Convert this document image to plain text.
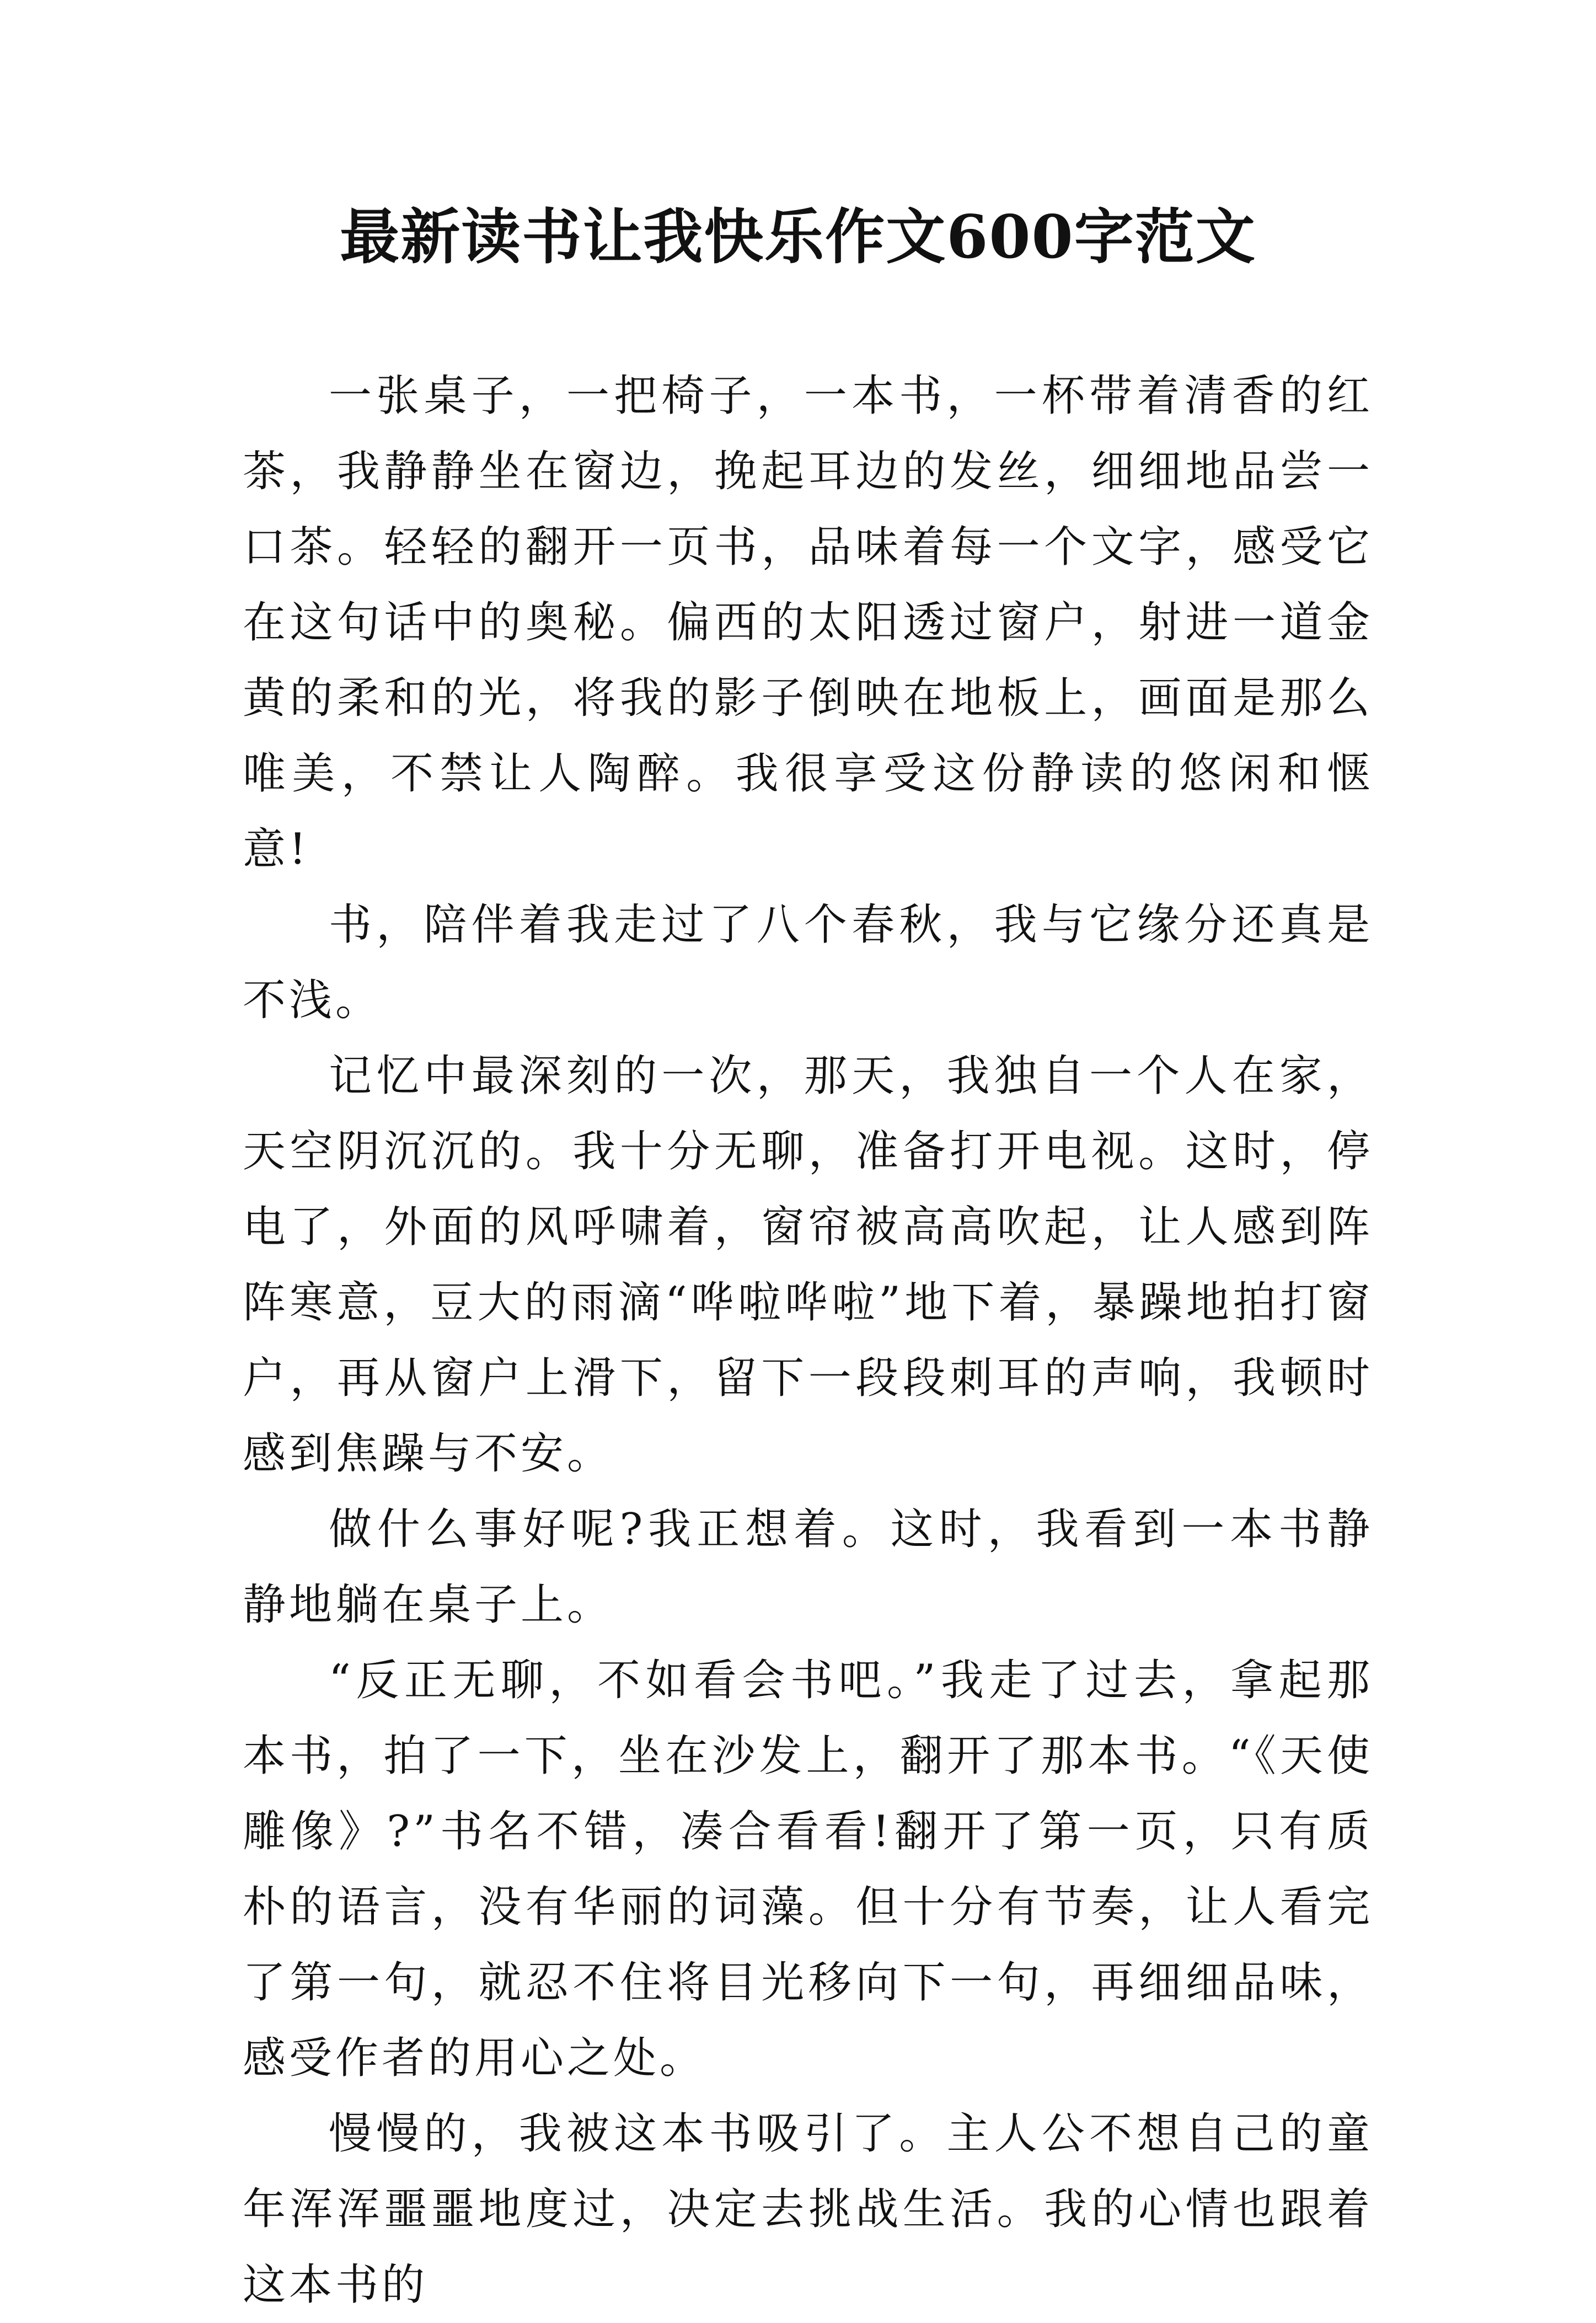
最新读书让我快乐作文600字范文

一张桌子，一把椅子，一本书，一杯带着清香的红茶，我静静坐在窗边，挽起耳边的发丝，细细地品尝一口茶。轻轻的翻开一页书，品味着每一个文字，感受它在这句话中的奥秘。偏西的太阳透过窗户，射进一道金黄的柔和的光，将我的影子倒映在地板上，画面是那么唯美，不禁让人陶醉。我很享受这份静读的悠闲和惬意!

书，陪伴着我走过了八个春秋，我与它缘分还真是不浅。

记忆中最深刻的一次，那天，我独自一个人在家，天空阴沉沉的。我十分无聊，准备打开电视。这时，停电了，外面的风呼啸着，窗帘被高高吹起，让人感到阵阵寒意，豆大的雨滴“哗啦哗啦”地下着，暴躁地拍打窗户，再从窗户上滑下，留下一段段刺耳的声响，我顿时感到焦躁与不安。

做什么事好呢?我正想着。这时，我看到一本书静静地躺在桌子上。

“反正无聊，不如看会书吧。”我走了过去，拿起那本书，拍了一下，坐在沙发上，翻开了那本书。“《天使雕像》?”书名不错，凑合看看!翻开了第一页，只有质朴的语言，没有华丽的词藻。但十分有节奏，让人看完了第一句，就忍不住将目光移向下一句，再细细品味，感受作者的用心之处。

慢慢的，我被这本书吸引了。主人公不想自己的童年浑浑噩噩地度过，决定去挑战生活。我的心情也跟着这本书的
